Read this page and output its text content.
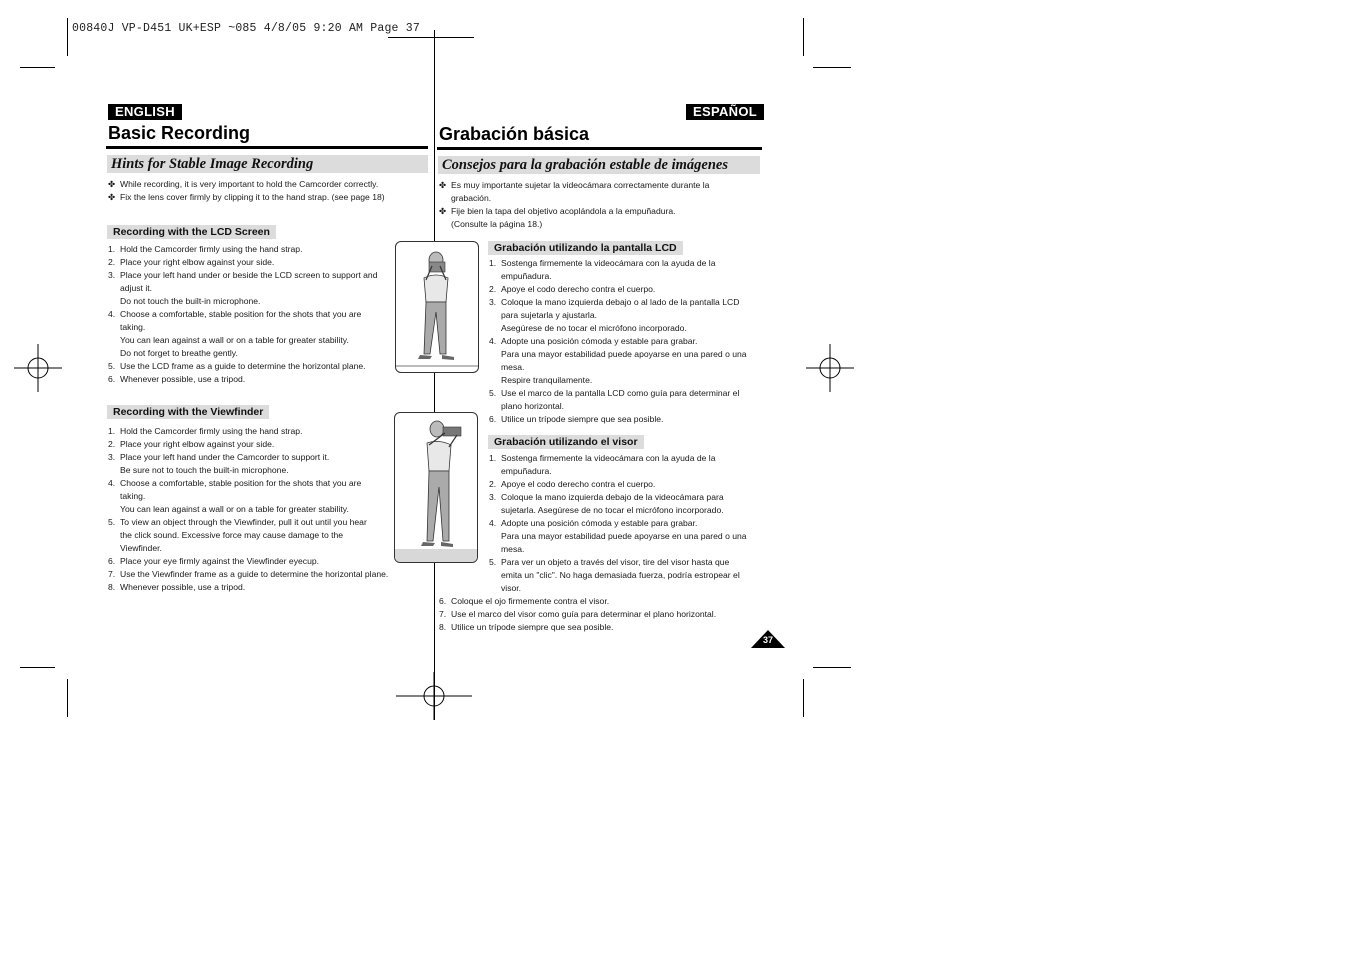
00840J VP-D451 UK+ESP ~085 4/8/05 9:20 AM Page 37
ENGLISH	ESPAÑOL
Basic Recording	Grabación básica
Hints for Stable Image Recording	Consejos para la grabación estable de imágenes
✤ While recording, it is very important to hold the Camcorder correctly.
✤ Fix the lens cover firmly by clipping it to the hand strap. (see page 18)
Recording with the LCD Screen
1. Hold the Camcorder firmly using the hand strap.
2. Place your right elbow against your side.
3. Place your left hand under or beside the LCD screen to support and
adjust it.
Do not touch the built-in microphone.
4. Choose a comfortable, stable position for the shots that you are
taking.
You can lean against a wall or on a table for greater stability.
Do not forget to breathe gently.
5. Use the LCD frame as a guide to determine the horizontal plane.
6. Whenever possible, use a tripod.
Recording with the Viewfinder
1. Hold the Camcorder firmly using the hand strap.
2. Place your right elbow against your side.
3. Place your left hand under the Camcorder to support it.
Be sure not to touch the built-in microphone.
4. Choose a comfortable, stable position for the shots that you are
taking.
You can lean against a wall or on a table for greater stability.
5. To view an object through the Viewfinder, pull it out until you hear
the click sound. Excessive force may cause damage to the
Viewfinder.
6. Place your eye firmly against the Viewfinder eyecup.
7. Use the Viewfinder frame as a guide to determine the horizontal plane.
8. Whenever possible, use a tripod.
✤ Es muy importante sujetar la videocámara correctamente durante la
grabación.
✤ Fije bien la tapa del objetivo acoplándola a la empuñadura.
(Consulte la página 18.)
Grabación utilizando la pantalla LCD
1. Sostenga firmemente la videocámara con la ayuda de la
empuñadura.
2. Apoye el codo derecho contra el cuerpo.
3. Coloque la mano izquierda debajo o al lado de la pantalla LCD
para sujetarla y ajustarla.
Asegúrese de no tocar el micrófono incorporado.
4. Adopte una posición cómoda y estable para grabar.
Para una mayor estabilidad puede apoyarse en una pared o una
mesa.
Respire tranquilamente.
5. Use el marco de la pantalla LCD como guía para determinar el
plano horizontal.
6. Utilice un trípode siempre que sea posible.
Grabación utilizando el visor
1. Sostenga firmemente la videocámara con la ayuda de la
empuñadura.
2. Apoye el codo derecho contra el cuerpo.
3. Coloque la mano izquierda debajo de la videocámara para
sujetarla. Asegúrese de no tocar el micrófono incorporado.
4. Adopte una posición cómoda y estable para grabar.
Para una mayor estabilidad puede apoyarse en una pared o una
mesa.
5. Para ver un objeto a través del visor, tire del visor hasta que
emita un "clic". No haga demasiada fuerza, podría estropear el
visor.
6. Coloque el ojo firmemente contra el visor.
7. Use el marco del visor como guía para determinar el plano horizontal.
8. Utilice un trípode siempre que sea posible.
37
